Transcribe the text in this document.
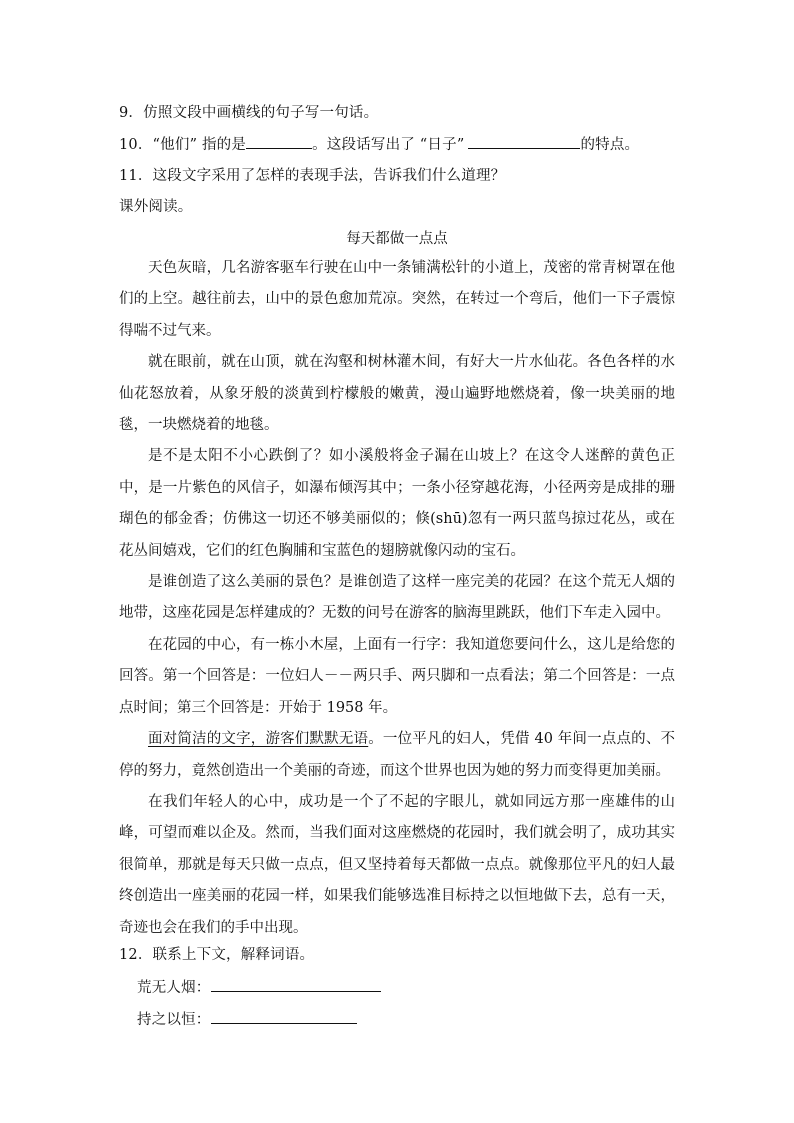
9．仿照文段中画横线的句子写一句话。
10．“他们” 指的是	。这段话写出了 “日子”	的特点。
11．这段文字采用了怎样的表现手法，告诉我们什么道理？
课外阅读。
每天都做一点点

天色灰暗，几名游客驱车行驶在山中一条铺满松针的小道上，茂密的常青树罩在他们的上空。越往前去，山中的景色愈加荒凉。突然，在转过一个弯后，他们一下子震惊得喘不过气来。

就在眼前，就在山顶，就在沟壑和树林灌木间，有好大一片水仙花。各色各样的水仙花怒放着，从象牙般的淡黄到柠檬般的嫩黄，漫山遍野地燃烧着，像一块美丽的地毯，一块燃烧着的地毯。

是不是太阳不小心跌倒了？如小溪般将金子漏在山坡上？在这令人迷醉的黄色正中，是一片紫色的风信子，如瀑布倾泻其中；一条小径穿越花海，小径两旁是成排的珊瑚色的郁金香；仿佛这一切还不够美丽似的；倏(shū)忽有一两只蓝鸟掠过花丛，或在花丛间嬉戏，它们的红色胸脯和宝蓝色的翅膀就像闪动的宝石。

是谁创造了这么美丽的景色？是谁创造了这样一座完美的花园？在这个荒无人烟的地带，这座花园是怎样建成的？无数的问号在游客的脑海里跳跃，他们下车走入园中。

在花园的中心，有一栋小木屋，上面有一行字：我知道您要问什么，这儿是给您的回答。第一个回答是：一位妇人－－两只手、两只脚和一点看法；第二个回答是：一点点时间；第三个回答是：开始于 1958 年。

面对简洁的文字，游客们默默无语。一位平凡的妇人，凭借 40 年间一点点的、不停的努力，竟然创造出一个美丽的奇迹，而这个世界也因为她的努力而变得更加美丽。

在我们年轻人的心中，成功是一个了不起的字眼儿，就如同远方那一座雄伟的山峰，可望而难以企及。然而，当我们面对这座燃烧的花园时，我们就会明了，成功其实很简单，那就是每天只做一点点，但又坚持着每天都做一点点。就像那位平凡的妇人最终创造出一座美丽的花园一样，如果我们能够选准目标持之以恒地做下去，总有一天，奇迹也会在我们的手中出现。

12．联系上下文，解释词语。
荒无人烟：
持之以恒：
